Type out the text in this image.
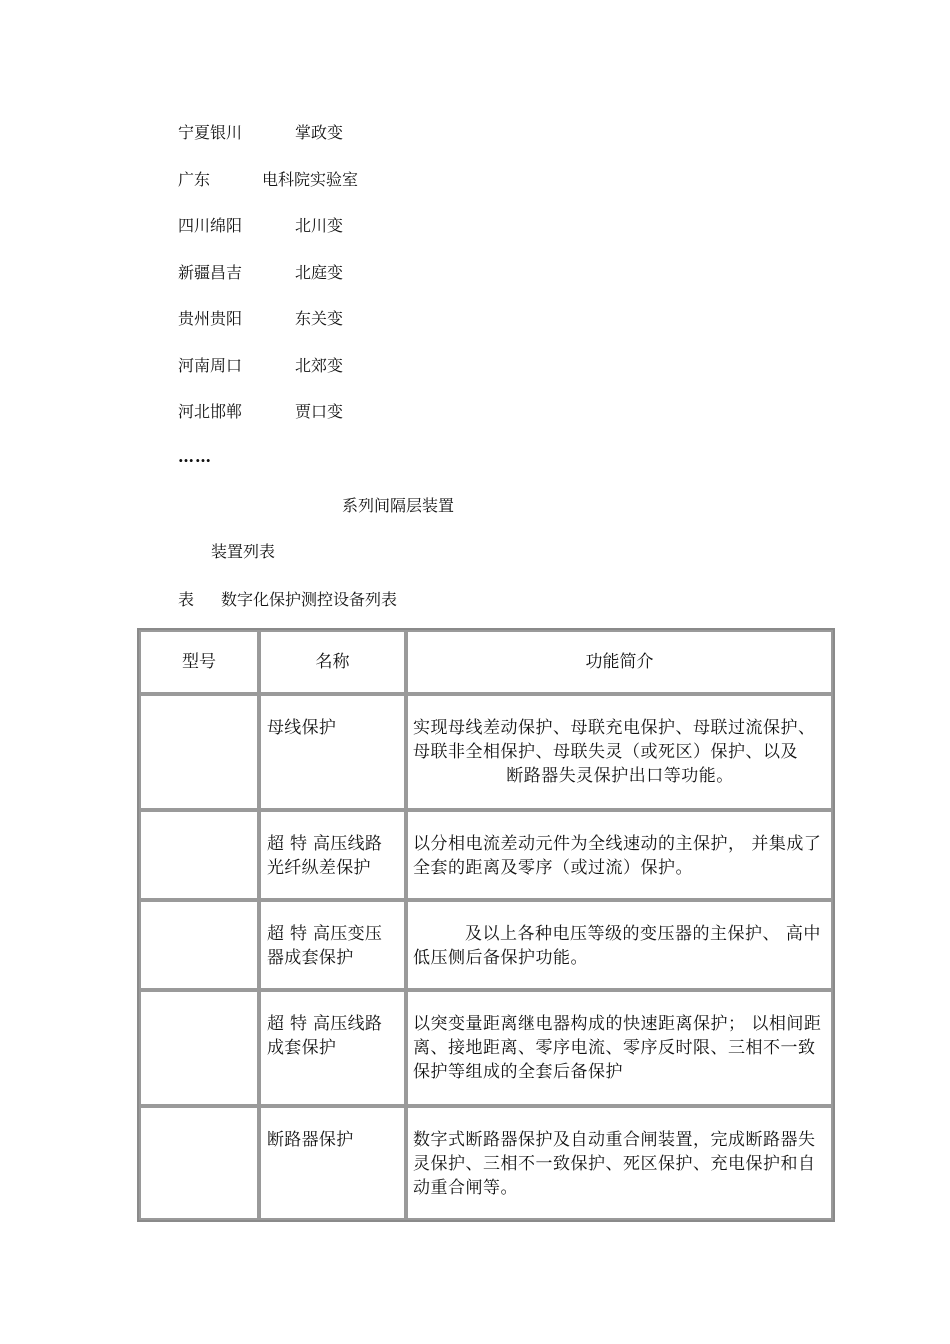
宁夏银川	掌政变
广东	电科院实验室
四川绵阳	北川变
新疆昌吉	北庭变
贵州贵阳	东关变
河南周口	北郊变
河北邯郸	贾口变
……
系列间隔层装置
装置列表
表 数字化保护测控设备列表
型号	名称	功能简介
	母线保护	实现母线差动保护、母联充电保护、母联过流保护、母联非全相保护、母联失灵（或死区）保护、以及
断路器失灵保护出口等功能。

	超 特 高压线路光纤纵差保护	以分相电流差动元件为全线速动的主保护， 并集成了全套的距离及零序（或过流）保护。
	超 特 高压变压器成套保护	及以上各种电压等级的变压器的主保护、 高中低压侧后备保护功能。
	超 特 高压线路成套保护	以突变量距离继电器构成的快速距离保护； 以相间距离、接地距离、零序电流、零序反时限、三相不一致保护等组成的全套后备保护
	断路器保护	数字式断路器保护及自动重合闸装置，完成断路器失灵保护、三相不一致保护、死区保护、充电保护和自动重合闸等。
